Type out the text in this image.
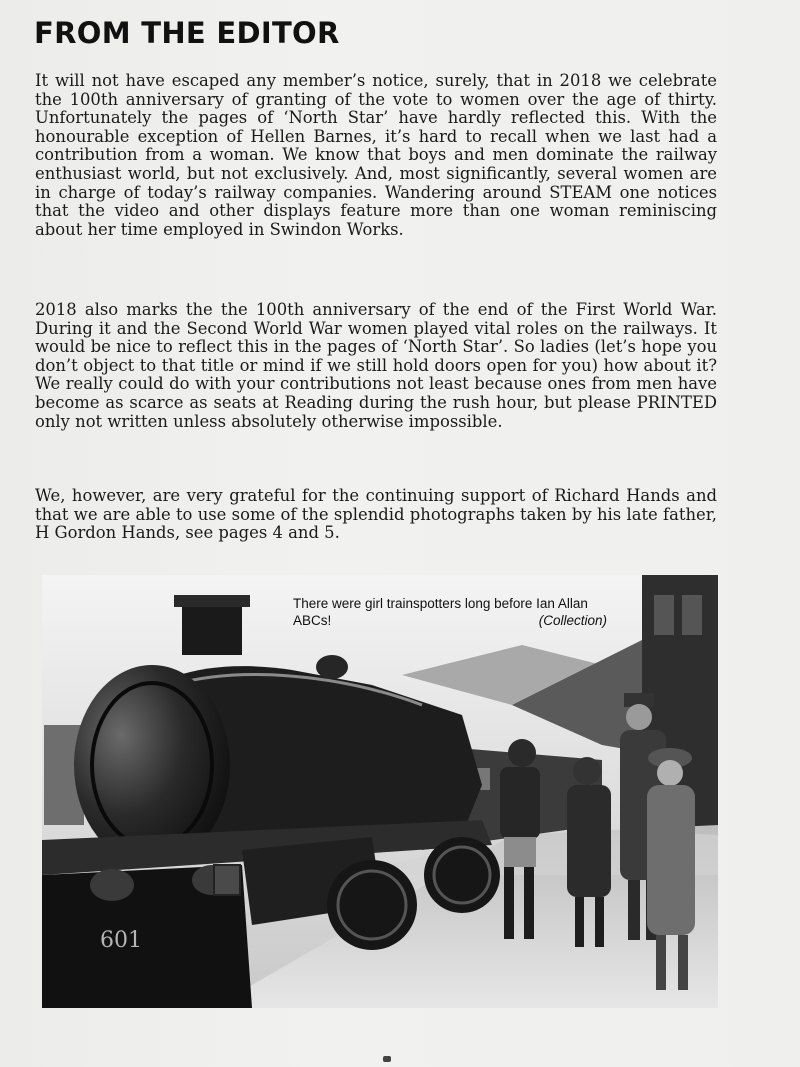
FROM THE EDITOR

It will not have escaped any member’s notice, surely, that in 2018 we celebrate the 100th anniversary of granting of the vote to women over the age of thirty. Unfortunately the pages of ‘North Star’ have hardly reflected this. With the honourable exception of Hellen Barnes, it’s hard to recall when we last had a contribution from a woman. We know that boys and men dominate the railway enthusiast world, but not exclusively. And, most significantly, several women are in charge of today’s railway companies. Wandering around STEAM one notices that the video and other displays feature more than one woman reminiscing about her time employed in Swindon Works.

2018 also marks the the 100th anniversary of the end of the First World War. During it and the Second World War women played vital roles on the railways. It would be nice to reflect this in the pages of ‘North Star’. So ladies (let’s hope you don’t object to that title or mind if we still hold doors open for you) how about it? We really could do with your contributions not least because ones from men have become as scarce as seats at Reading during the rush hour, but please PRINTED only not written unless absolutely otherwise impossible.

We, however, are very grateful for the continuing support of Richard Hands and that we are able to use some of the splendid photographs taken by his late father, H Gordon Hands, see pages 4 and 5.

601
There were girl trainspotters long before Ian Allan ABCs!	(Collection)
